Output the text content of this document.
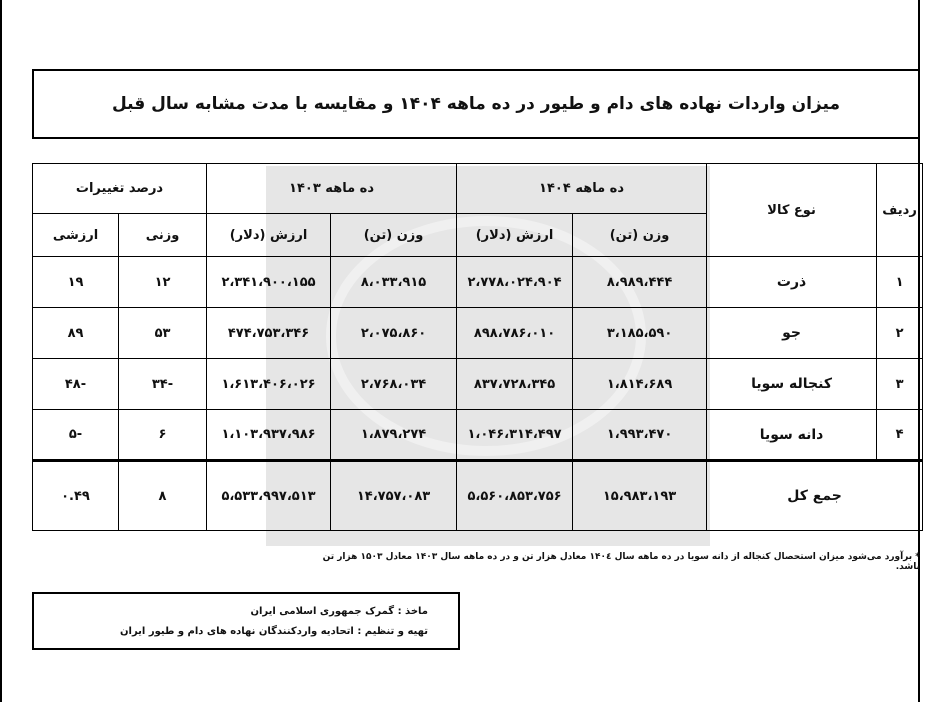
میزان واردات نهاده های دام و طیور در ده ماهه ۱۴۰۴ و مقایسه با مدت مشابه سال قبل
ردیف	نوع کالا	ده ماهه ۱۴۰۴		ده ماهه ۱۴۰۳		درصد تغییرات	
		وزن (تن)	ارزش (دلار)	وزن (تن)	ارزش (دلار)	وزنی	ارزشی
۱	ذرت	۸،۹۸۹،۴۴۴	۲،۷۷۸،۰۲۴،۹۰۴	۸،۰۳۳،۹۱۵	۲،۳۴۱،۹۰۰،۱۵۵	۱۲	۱۹
۲	جو	۳،۱۸۵،۵۹۰	۸۹۸،۷۸۶،۰۱۰	۲،۰۷۵،۸۶۰	۴۷۴،۷۵۳،۳۴۶	۵۳	۸۹
۳	کنجاله سویا	۱،۸۱۴،۶۸۹	۸۳۷،۷۲۸،۳۴۵	۲،۷۶۸،۰۳۴	۱،۶۱۳،۴۰۶،۰۲۶	-۳۴	-۴۸
۴	دانه سویا	۱،۹۹۳،۴۷۰	۱،۰۴۶،۳۱۴،۴۹۷	۱،۸۷۹،۲۷۴	۱،۱۰۳،۹۳۷،۹۸۶	۶	-۵
جمع کل		۱۵،۹۸۳،۱۹۳	۵،۵۶۰،۸۵۳،۷۵۶	۱۴،۷۵۷،۰۸۳	۵،۵۳۳،۹۹۷،۵۱۳	۸	۰.۴۹
* برآورد می‌شود میزان استحصال کنجاله از دانه سویا در ده ماهه سال ۱۴۰٤ معادل هزار تن و در ده ماهه سال ۱۴۰۳ معادل ۱۵۰۳ هزار تن باشد.
ماخذ : گمرک جمهوری اسلامی ایران
تهیه و تنظیم : اتحادیه واردکنندگان نهاده های دام و طیور ایران
